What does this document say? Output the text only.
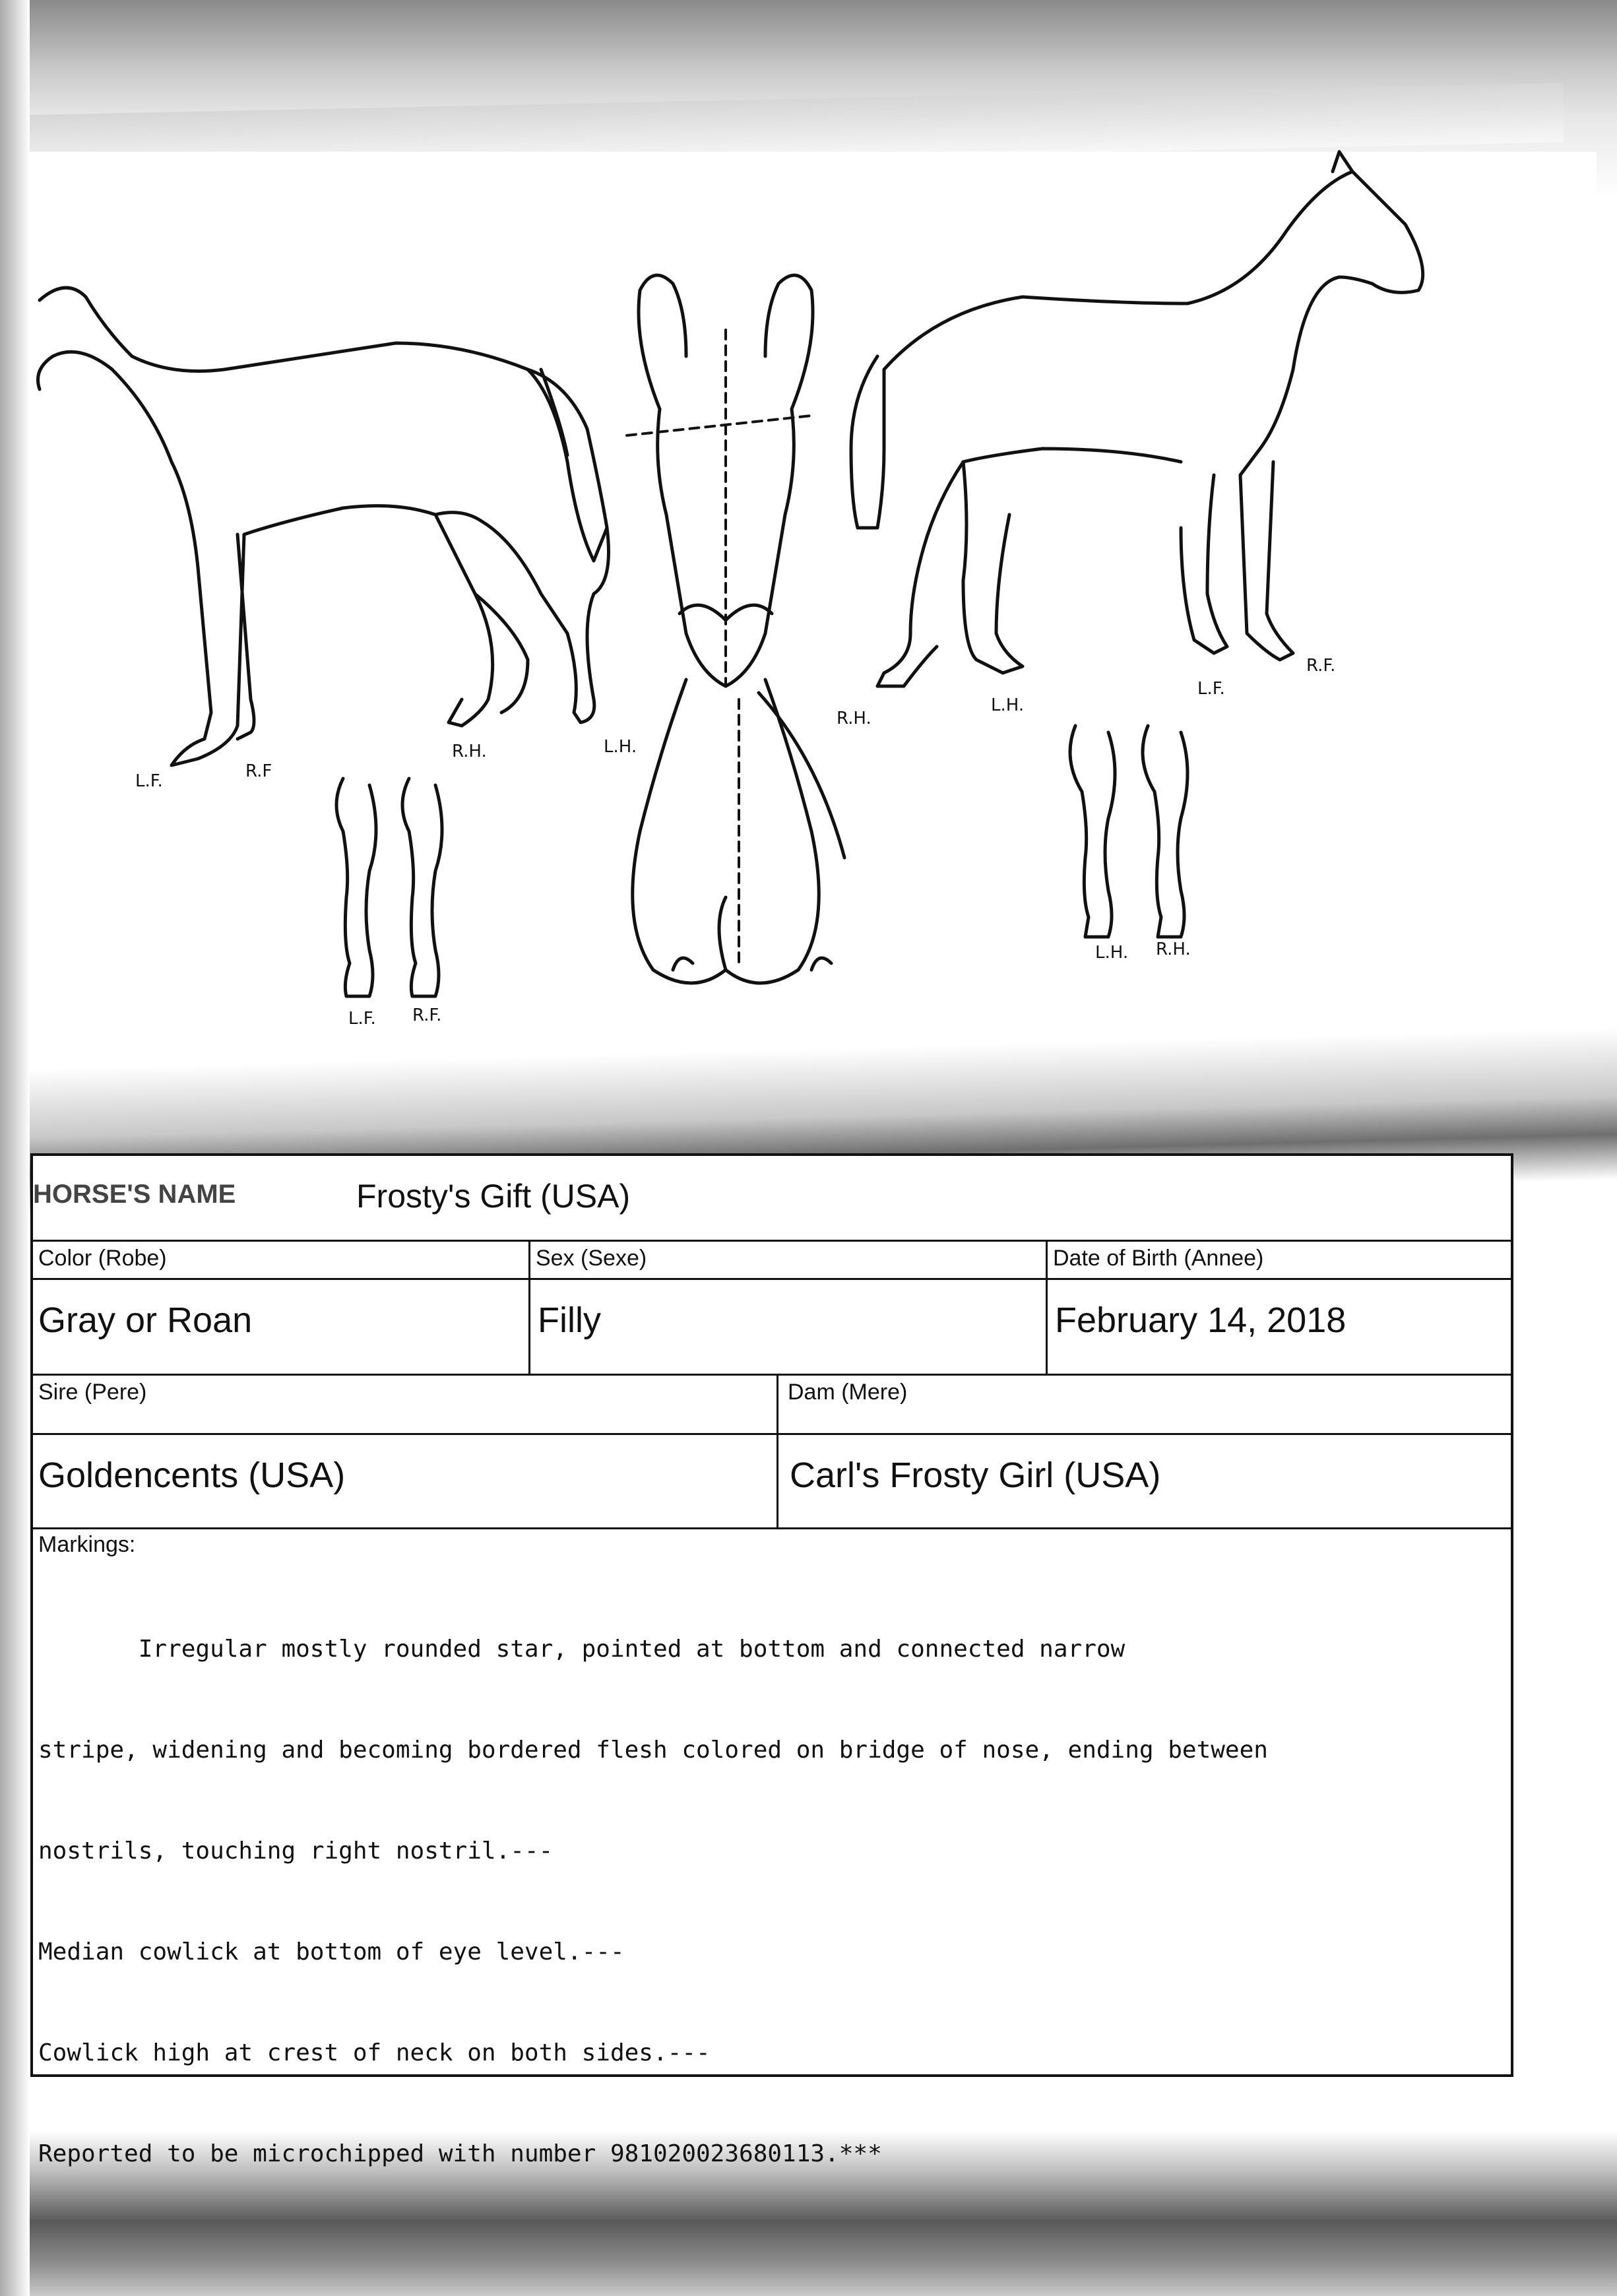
L.F.	R.F
R.H.	L.H.
L.F. R.F.
R.H.
L.H.
L.F.
R.F.
L.H. R.H.
HORSE'S NAME	Frosty's Gift (USA)
Color (Robe)	Sex (Sexe)	Date of Birth (Annee)
Gray or Roan	Filly	February 14, 2018
Sire (Pere)	Dam (Mere)
Goldencents (USA)	Carl's Frosty Girl (USA)
Markings:

Irregular mostly rounded star, pointed at bottom and connected narrow

stripe, widening and becoming bordered flesh colored on bridge of nose, ending between

nostrils, touching right nostril.---

Median cowlick at bottom of eye level.---

Cowlick high at crest of neck on both sides.---

Reported to be microchipped with number 981020023680113.***
